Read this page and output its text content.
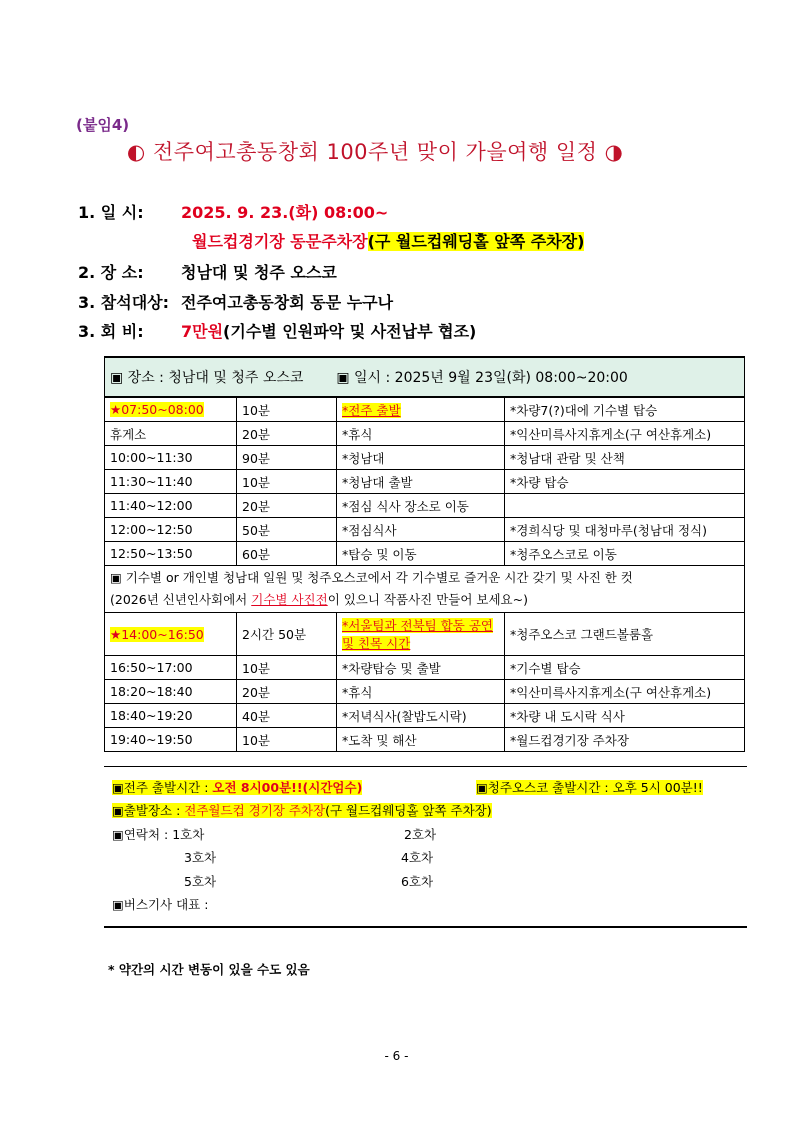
(붙임4)
◐ 전주여고총동창회 100주년 맞이 가을여행 일정 ◑
1. 일 시: 2025. 9. 23.(화) 08:00~
월드컵경기장 동문주차장(구 월드컵웨딩홀 앞쪽 주차장)
2. 장 소: 청남대 및 청주 오스코
3. 참석대상: 전주여고총동창회 동문 누구나
3. 회 비: 7만원(기수별 인원파악 및 사전납부 협조)
▣ 장소 : 청남대 및 청주 오스코 ▣ 일시 : 2025년 9월 23일(화) 08:00~20:00			
★07:50~08:00	10분	*전주 출발	*차량7(?)대에 기수별 탑승
휴게소	20분	*휴식	*익산미륵사지휴게소(구 여산휴게소)
10:00~11:30	90분	*청남대	*청남대 관람 및 산책
11:30~11:40	10분	*청남대 출발	*차량 탑승
11:40~12:00	20분	*점심 식사 장소로 이동	
12:00~12:50	50분	*점심식사	*경희식당 및 대청마루(청남대 정식)
12:50~13:50	60분	*탑승 및 이동	*청주오스코로 이동

▣ 기수별 or 개인별 청남대 일원 및 청주오스코에서 각 기수별로 즐거운 시간 갖기 및 사진 한 컷
(2026년 신년인사회에서 기수별 사진전이 있으니 작품사진 만들어 보세요~)			

★14:00~16:50	2시간 50분	*서울팀과 전북팀 합동 공연 및 친목 시간	*청주오스코 그랜드볼룸홀
16:50~17:00	10분	*차량탑승 및 출발	*기수별 탑승
18:20~18:40	20분	*휴식	*익산미륵사지휴게소(구 여산휴게소)
18:40~19:20	40분	*저녁식사(찰밥도시락)	*차량 내 도시락 식사
19:40~19:50	10분	*도착 및 해산	*월드컵경기장 주차장
▣전주 출발시간 : 오전 8시00분!!(시간엄수)	▣청주오스코 출발시간 : 오후 5시 00분!!
▣출발장소 : 전주월드컵 경기장 주차장(구 월드컵웨딩홀 앞쪽 주차장)
▣연락처 : 1호차	2호차
3호차	4호차
5호차	6호차
▣버스기사 대표 :
* 약간의 시간 변동이 있을 수도 있음
- 6 -
